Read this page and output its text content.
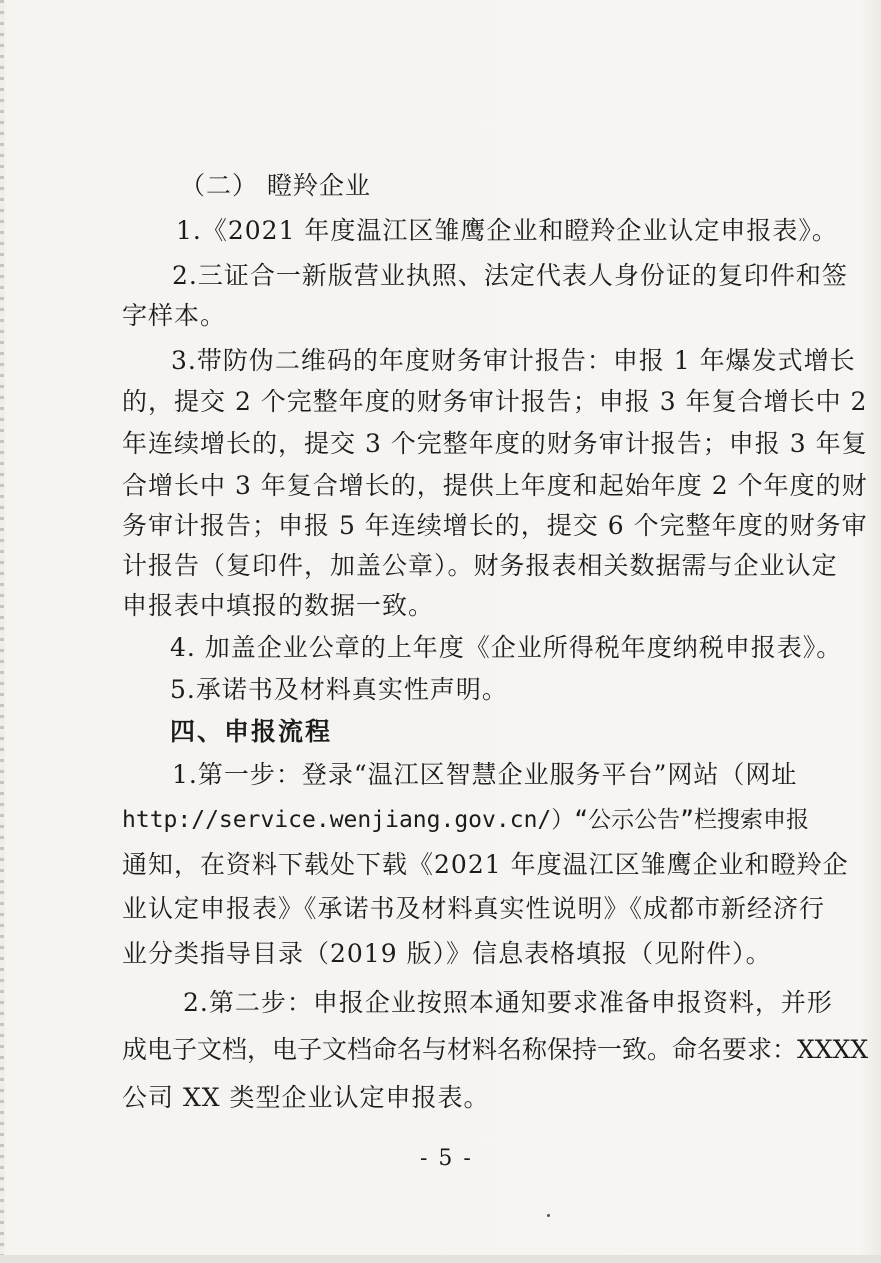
（二） 瞪羚企业
1.《2021 年度温江区雏鹰企业和瞪羚企业认定申报表》。
2.三证合一新版营业执照、法定代表人身份证的复印件和签
字样本。
3.带防伪二维码的年度财务审计报告：申报 1 年爆发式增长
的，提交 2 个完整年度的财务审计报告；申报 3 年复合增长中 2
年连续增长的，提交 3 个完整年度的财务审计报告；申报 3 年复
合增长中 3 年复合增长的，提供上年度和起始年度 2 个年度的财
务审计报告；申报 5 年连续增长的，提交 6 个完整年度的财务审
计报告（复印件，加盖公章）。财务报表相关数据需与企业认定
申报表中填报的数据一致。
4. 加盖企业公章的上年度《企业所得税年度纳税申报表》。
5.承诺书及材料真实性声明。
四、申报流程
1.第一步：登录“温江区智慧企业服务平台”网站（网址
http://service.wenjiang.gov.cn/）“公示公告”栏搜索申报
通知，在资料下载处下载《2021 年度温江区雏鹰企业和瞪羚企
业认定申报表》《承诺书及材料真实性说明》《成都市新经济行
业分类指导目录（2019 版）》信息表格填报（见附件）。
2.第二步：申报企业按照本通知要求准备申报资料，并形
成电子文档，电子文档命名与材料名称保持一致。命名要求：XXXX
公司 XX 类型企业认定申报表。
- 5 -
